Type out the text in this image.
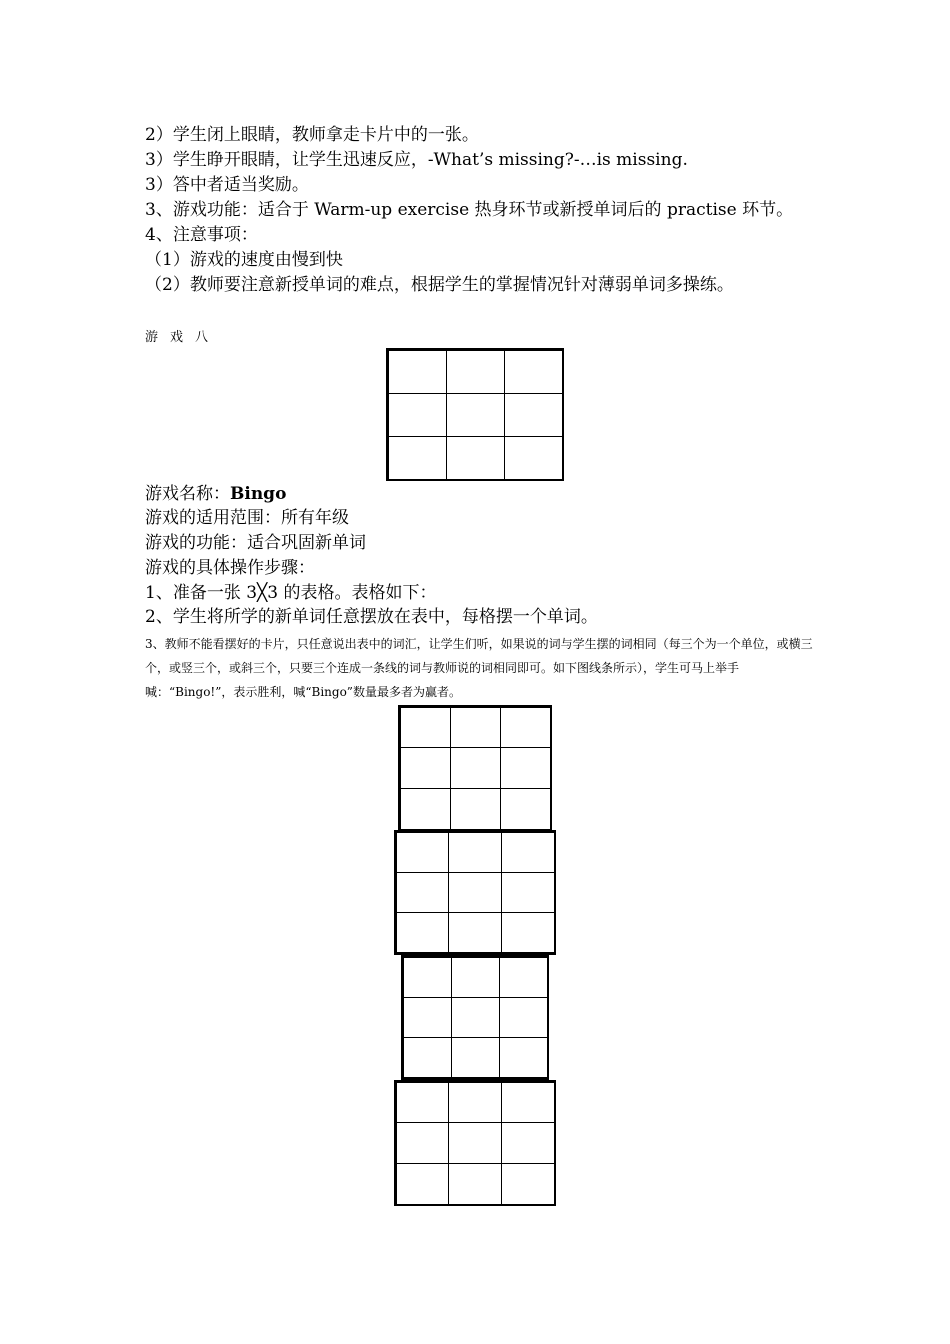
2）学生闭上眼睛，教师拿走卡片中的一张。
3）学生睁开眼睛，让学生迅速反应，-What’s missing?-…is missing.
3）答中者适当奖励。
3、游戏功能：适合于 Warm-up exercise 热身环节或新授单词后的 practise 环节。
4、注意事项：
（1）游戏的速度由慢到快
（2）教师要注意新授单词的难点，根据学生的掌握情况针对薄弱单词多操练。
游戏八
游戏名称：Bingo
游戏的适用范围：所有年级
游戏的功能：适合巩固新单词
游戏的具体操作步骤：
1、准备一张 3╳3 的表格。表格如下：
2、学生将所学的新单词任意摆放在表中，每格摆一个单词。
3、教师不能看摆好的卡片，只任意说出表中的词汇，让学生们听，如果说的词与学生摆的词相同（每三个为一个单位，或横三个，或竖三个，或斜三个，只要三个连成一条线的词与教师说的词相同即可。如下图线条所示），学生可马上举手喊：“Bingo!”，表示胜利，喊“Bingo”数量最多者为赢者。
